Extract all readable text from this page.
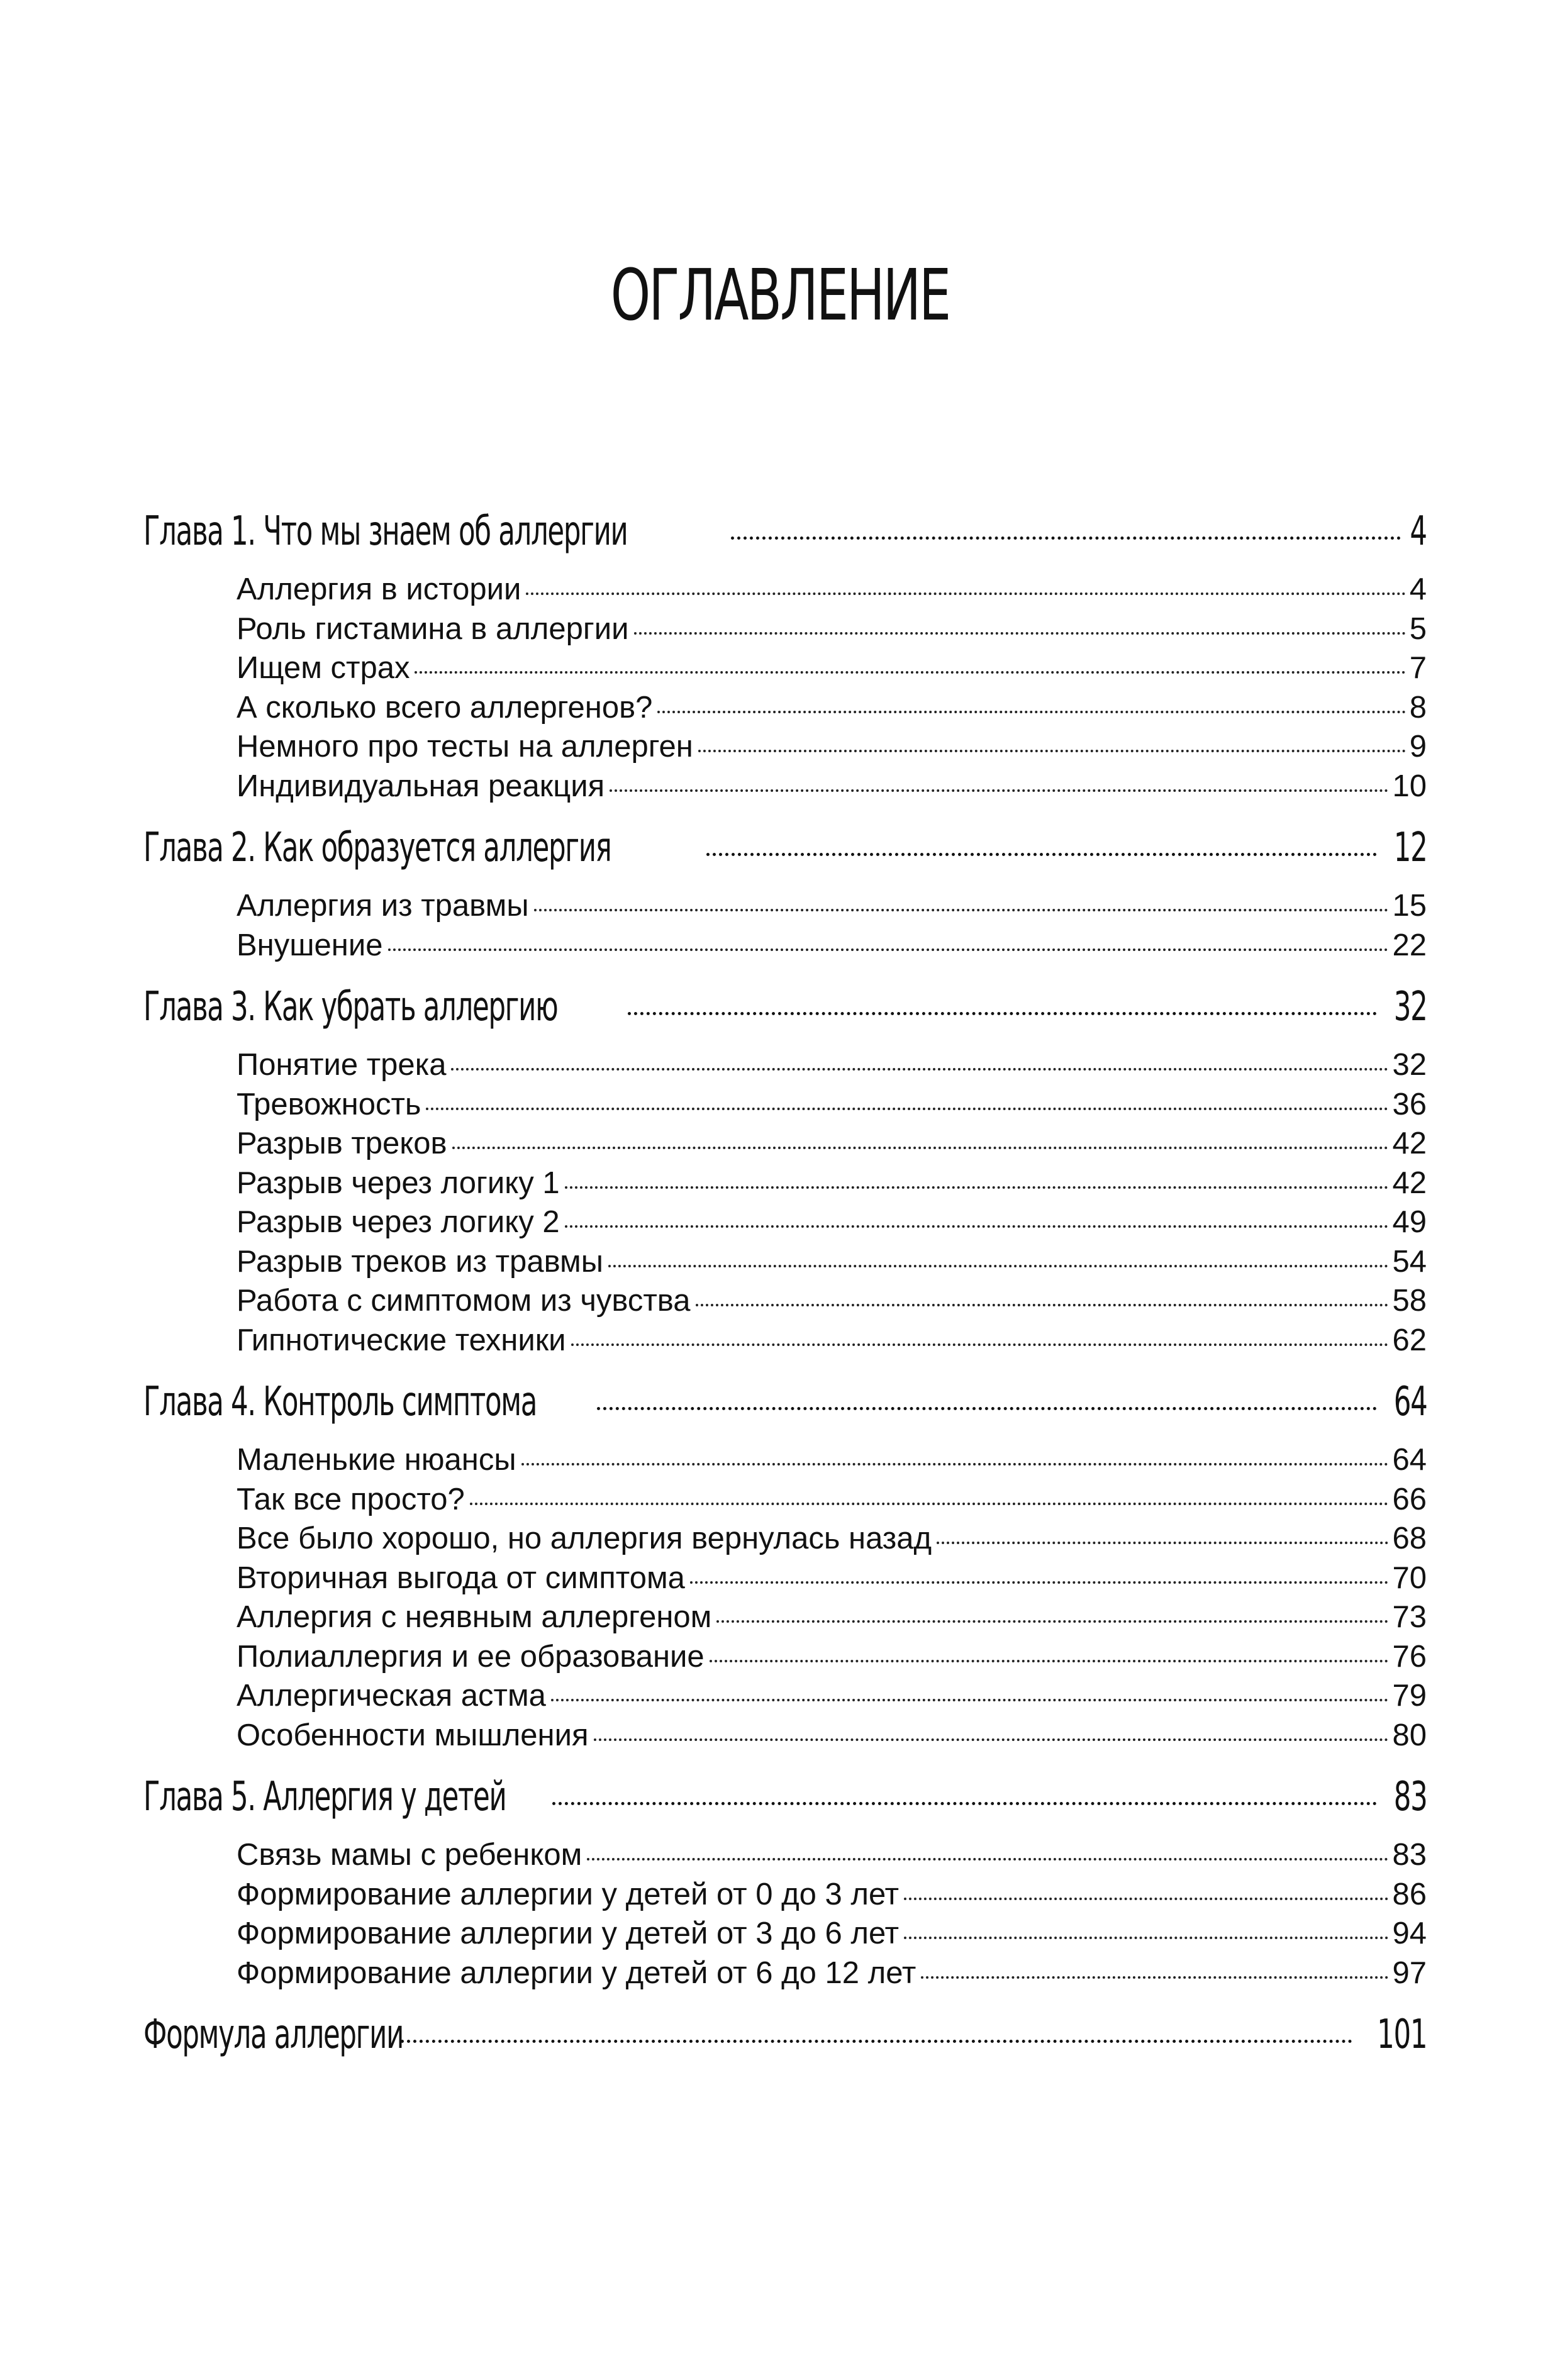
ОГЛАВЛЕНИЕ
Глава 1. Что мы знаем об аллергии	4
Аллергия в истории	4
Роль гистамина в аллергии	5
Ищем страх	7
А сколько всего аллергенов?	8
Немного про тесты на аллерген	9
Индивидуальная реакция	10
Глава 2. Как образуется аллергия	12
Аллергия из травмы	15
Внушение	22
Глава 3. Как убрать аллергию	32
Понятие трека	32
Тревожность	36
Разрыв треков	42
Разрыв через логику 1	42
Разрыв через логику 2	49
Разрыв треков из травмы	54
Работа с симптомом из чувства	58
Гипнотические техники	62
Глава 4. Контроль симптома	64
Маленькие нюансы	64
Так все просто?	66
Все было хорошо, но аллергия вернулась назад	68
Вторичная выгода от симптома	70
Аллергия с неявным аллергеном	73
Полиаллергия и ее образование	76
Аллергическая астма	79
Особенности мышления	80
Глава 5. Аллергия у детей	83
Связь мамы с ребенком	83
Формирование аллергии у детей от 0 до 3 лет	86
Формирование аллергии у детей от 3 до 6 лет	94
Формирование аллергии у детей от 6 до 12 лет	97
Формула аллергии	101
